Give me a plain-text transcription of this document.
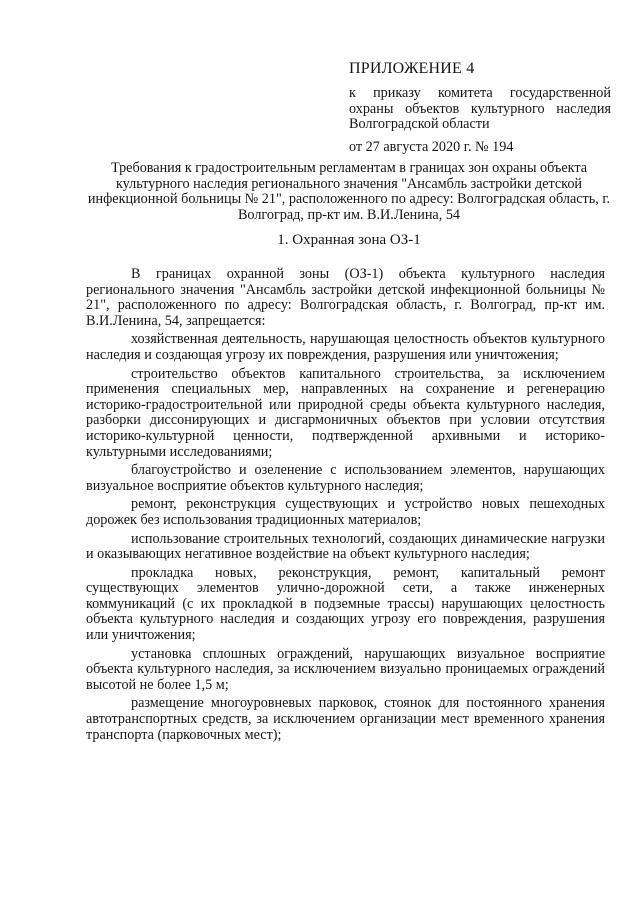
ПРИЛОЖЕНИЕ 4
к приказу комитета государственной охраны объектов культурного наследия Волгоградской области
от 27 августа 2020 г. № 194
Требования к градостроительным регламентам в границах зон охраны объекта культурного наследия регионального значения "Ансамбль застройки детской инфекционной больницы № 21", расположенного по адресу: Волгоградская область, г. Волгоград, пр-кт им. В.И.Ленина, 54
1. Охранная зона ОЗ-1

В границах охранной зоны (ОЗ-1) объекта культурного наследия регионального значения "Ансамбль застройки детской инфекционной больницы № 21", расположенного по адресу: Волгоградская область, г. Волгоград, пр-кт им. В.И.Ленина, 54, запрещается:

хозяйственная деятельность, нарушающая целостность объектов культурного наследия и создающая угрозу их повреждения, разрушения или уничтожения;

строительство объектов капитального строительства, за исключением применения специальных мер, направленных на сохранение и регенерацию историко-градостроительной или природной среды объекта культурного наследия, разборки диссонирующих и дисгармоничных объектов при условии отсутствия историко-культурной ценности, подтвержденной архивными и историко-культурными исследованиями;

благоустройство и озеленение с использованием элементов, нарушающих визуальное восприятие объектов культурного наследия;

ремонт, реконструкция существующих и устройство новых пешеходных дорожек без использования традиционных материалов;

использование строительных технологий, создающих динамические нагрузки и оказывающих негативное воздействие на объект культурного наследия;

прокладка новых, реконструкция, ремонт, капитальный ремонт существующих элементов улично-дорожной сети, а также инженерных коммуникаций (с их прокладкой в подземные трассы) нарушающих целостность объекта культурного наследия и создающих угрозу его повреждения, разрушения или уничтожения;

установка сплошных ограждений, нарушающих визуальное восприятие объекта культурного наследия, за исключением визуально проницаемых ограждений высотой не более 1,5 м;

размещение многоуровневых парковок, стоянок для постоянного хранения автотранспортных средств, за исключением организации мест временного хранения транспорта (парковочных мест);
